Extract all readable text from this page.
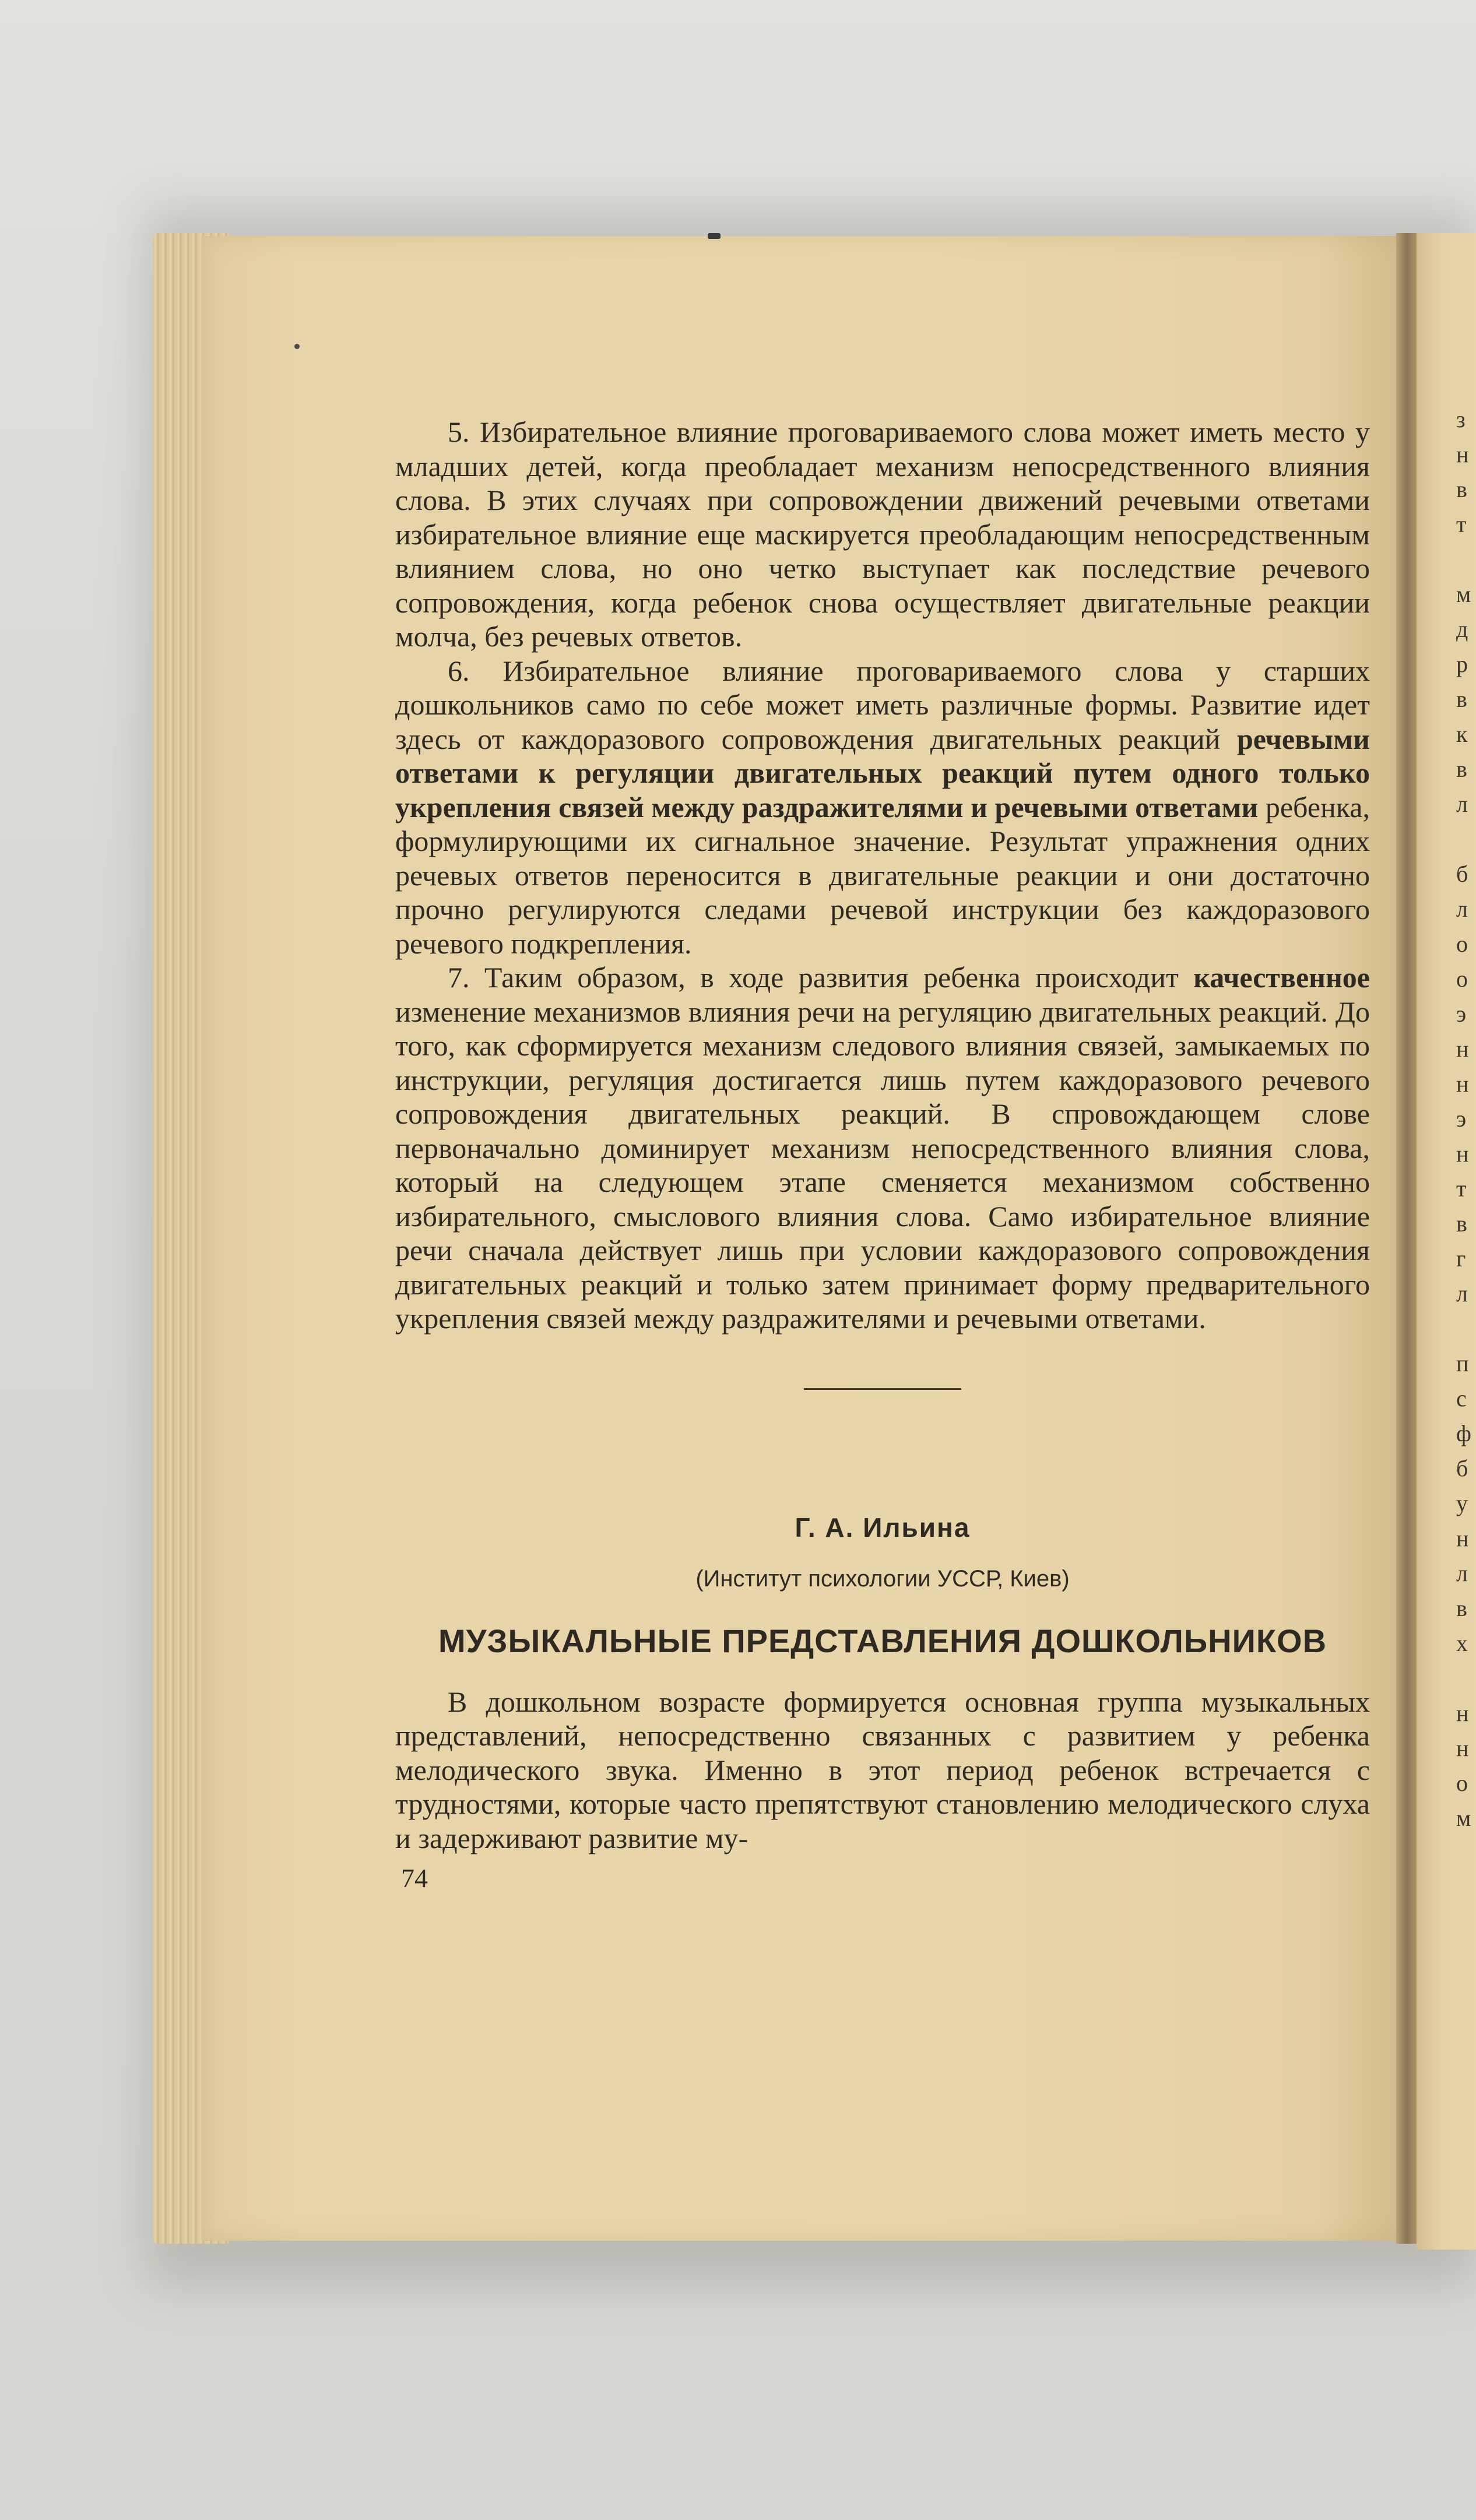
з
н
в
т
м
д
р
в
к
в
л
б
л
о
о
э
н
н
э
н
т
в
г
л
п
с
ф
б
у
н
л
в
х
н
н
о
м

5. Избирательное влияние проговариваемого слова может иметь место у младших детей, когда преобладает механизм непосредственного влияния слова. В этих случаях при сопровождении движений речевыми ответами избирательное влияние еще маскируется преобладающим непосредственным влиянием слова, но оно четко выступает как последствие речевого сопровождения, когда ребенок снова осуществляет двигательные реакции молча, без речевых ответов.

6. Избирательное влияние проговариваемого слова у старших дошкольников само по себе может иметь различные формы. Развитие идет здесь от каждоразового сопровождения двигательных реакций речевыми ответами к регуляции двигательных реакций путем одного только укрепления связей между раздражителями и речевыми ответами ребенка, формулирующими их сигнальное значение. Результат упражнения одних речевых ответов переносится в двигательные реакции и они достаточно прочно регулируются следами речевой инструкции без каждоразового речевого подкрепления.

7. Таким образом, в ходе развития ребенка происходит качественное изменение механизмов влияния речи на регуляцию двигательных реакций. До того, как сформируется механизм следового влияния связей, замыкаемых по инструкции, регуляция достигается лишь путем каждоразового речевого сопровождения двигательных реакций. В спровождающем слове первоначально доминирует механизм непосредственного влияния слова, который на следующем этапе сменяется механизмом собственно избирательного, смыслового влияния слова. Само избирательное влияние речи сначала действует лишь при условии каждоразового сопровождения двигательных реакций и только затем принимает форму предварительного укрепления связей между раздражителями и речевыми ответами.

Г. А. Ильина

(Институт психологии УССР, Киев)

МУЗЫКАЛЬНЫЕ ПРЕДСТАВЛЕНИЯ ДОШКОЛЬНИКОВ

В дошкольном возрасте формируется основная группа музыкальных представлений, непосредственно связанных с развитием у ребенка мелодического звука. Именно в этот период ребенок встречается с трудностями, которые часто препятствуют становлению мелодического слуха и задерживают развитие му-

74
